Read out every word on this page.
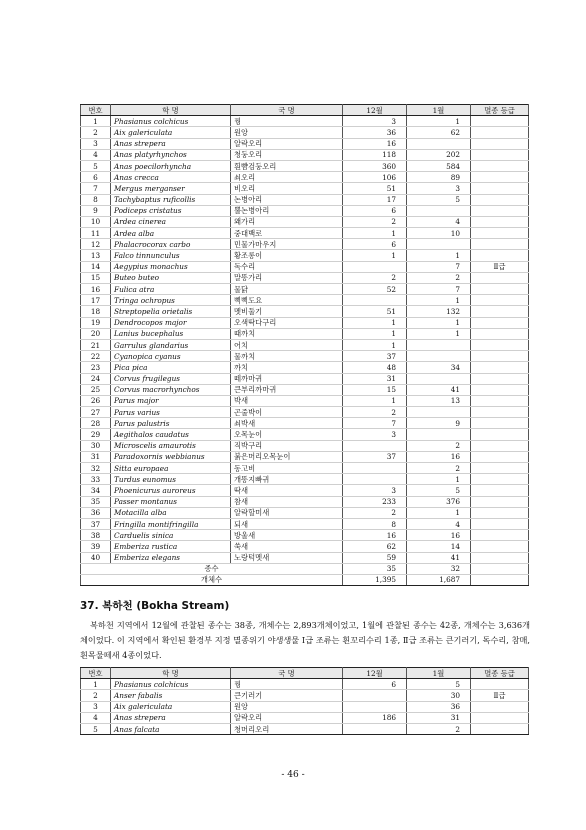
번호	학 명	국 명	12월	1월	멸종 등급
1	Phasianus colchicus	꿩	3	1	
2	Aix galericulata	원앙	36	62	
3	Anas strepera	알락오리	16		
4	Anas platyrhynchos	청둥오리	118	202	
5	Anas poecilorhyncha	흰뺨검둥오리	360	584	
6	Anas crecca	쇠오리	106	89	
7	Mergus merganser	비오리	51	3	
8	Tachybaptus ruficollis	논병아리	17	5	
9	Podiceps cristatus	뿔논병아리	6		
10	Ardea cinerea	왜가리	2	4	
11	Ardea alba	중대백로	1	10	
12	Phalacrocorax carbo	민물가마우지	6		
13	Falco tinnunculus	황조롱이	1	1	
14	Aegypius monachus	독수리		7	Ⅱ급
15	Buteo buteo	말똥가리	2	2	
16	Fulica atra	물닭	52	7	
17	Tringa ochropus	삑삑도요		1	
18	Streptopelia orietalis	멧비둘기	51	132	
19	Dendrocopos major	오색딱다구리	1	1	
20	Lanius bucephalus	때까치	1	1	
21	Garrulus glandarius	어치	1		
22	Cyanopica cyanus	물까치	37		
23	Pica pica	까치	48	34	
24	Corvus frugilegus	떼까마귀	31		
25	Corvus macrorhynchos	큰부리까마귀	15	41	
26	Parus major	박새	1	13	
27	Parus varius	곤줄박이	2		
28	Parus palustris	쇠박새	7	9	
29	Aegithalos caudatus	오목눈이	3		
30	Microscelis amaurotis	직박구리		2	
31	Paradoxornis webbianus	붉은머리오목눈이	37	16	
32	Sitta europaea	동고비		2	
33	Turdus eunomus	개똥지빠귀		1	
34	Phoenicurus auroreus	딱새	3	5	
35	Passer montanus	참새	233	376	
36	Motacilla alba	알락할미새	2	1	
37	Fringilla montifringilla	되새	8	4	
38	Carduelis sinica	방울새	16	16	
39	Emberiza rustica	쑥새	62	14	
40	Emberiza elegans	노랑턱멧새	59	41	
종수			35	32	
개체수			1,395	1,687	
37. 복하천 (Bokha Stream)
복하천 지역에서 12월에 관찰된 종수는 38종, 개체수는 2,893개체이었고, 1월에 관찰된 종수는 42종, 개체수는 3,636개체이었다. 이 지역에서 확인된 환경부 지정 멸종위기 야생생물 Ⅰ급 조류는 흰꼬리수리 1종, Ⅱ급 조류는 큰기러기, 독수리, 참매, 흰목물떼새 4종이었다.
번호	학 명	국 명	12월	1월	멸종 등급
1	Phasianus colchicus	꿩	6	5	
2	Anser fabalis	큰기러기		30	Ⅱ급
3	Aix galericulata	원앙		36	
4	Anas strepera	알락오리	186	31	
5	Anas falcata	청머리오리		2	
- 46 -
